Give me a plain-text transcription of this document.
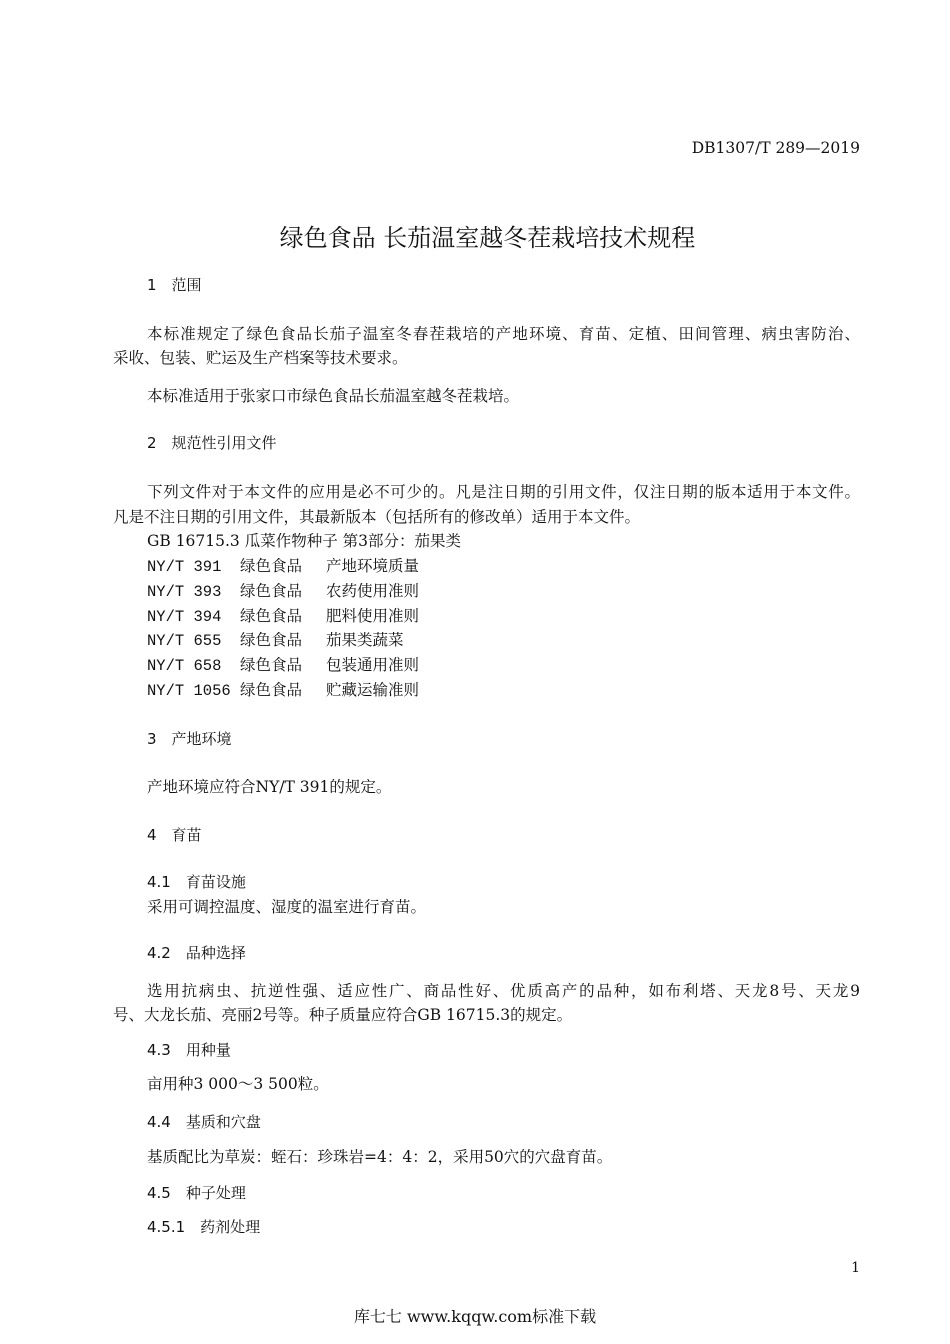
DB1307/T 289—2019
绿色食品 长茄温室越冬茬栽培技术规程
1　范围
本标准规定了绿色食品长茄子温室冬春茬栽培的产地环境、育苗、定植、田间管理、病虫害防治、
采收、包装、贮运及生产档案等技术要求。
本标准适用于张家口市绿色食品长茄温室越冬茬栽培。
2　规范性引用文件
下列文件对于本文件的应用是必不可少的。凡是注日期的引用文件，仅注日期的版本适用于本文件。
凡是不注日期的引用文件，其最新版本（包括所有的修改单）适用于本文件。
GB 16715.3 瓜菜作物种子 第3部分：茄果类
NY/T 391 绿色食品 产地环境质量
NY/T 393 绿色食品 农药使用准则
NY/T 394 绿色食品 肥料使用准则
NY/T 655 绿色食品 茄果类蔬菜
NY/T 658 绿色食品 包装通用准则
NY/T 1056 绿色食品 贮藏运输准则
3　产地环境
产地环境应符合NY/T 391的规定。
4　育苗
4.1　育苗设施
采用可调控温度、湿度的温室进行育苗。
4.2　品种选择
选用抗病虫、抗逆性强、适应性广、商品性好、优质高产的品种，如布利塔、天龙8号、天龙9
号、大龙长茄、亮丽2号等。种子质量应符合GB 16715.3的规定。
4.3　用种量
亩用种3 000～3 500粒。
4.4　基质和穴盘
基质配比为草炭：蛭石：珍珠岩=4：4：2，采用50穴的穴盘育苗。
4.5　种子处理
4.5.1　药剂处理
1
库七七 www.kqqw.com标准下载
